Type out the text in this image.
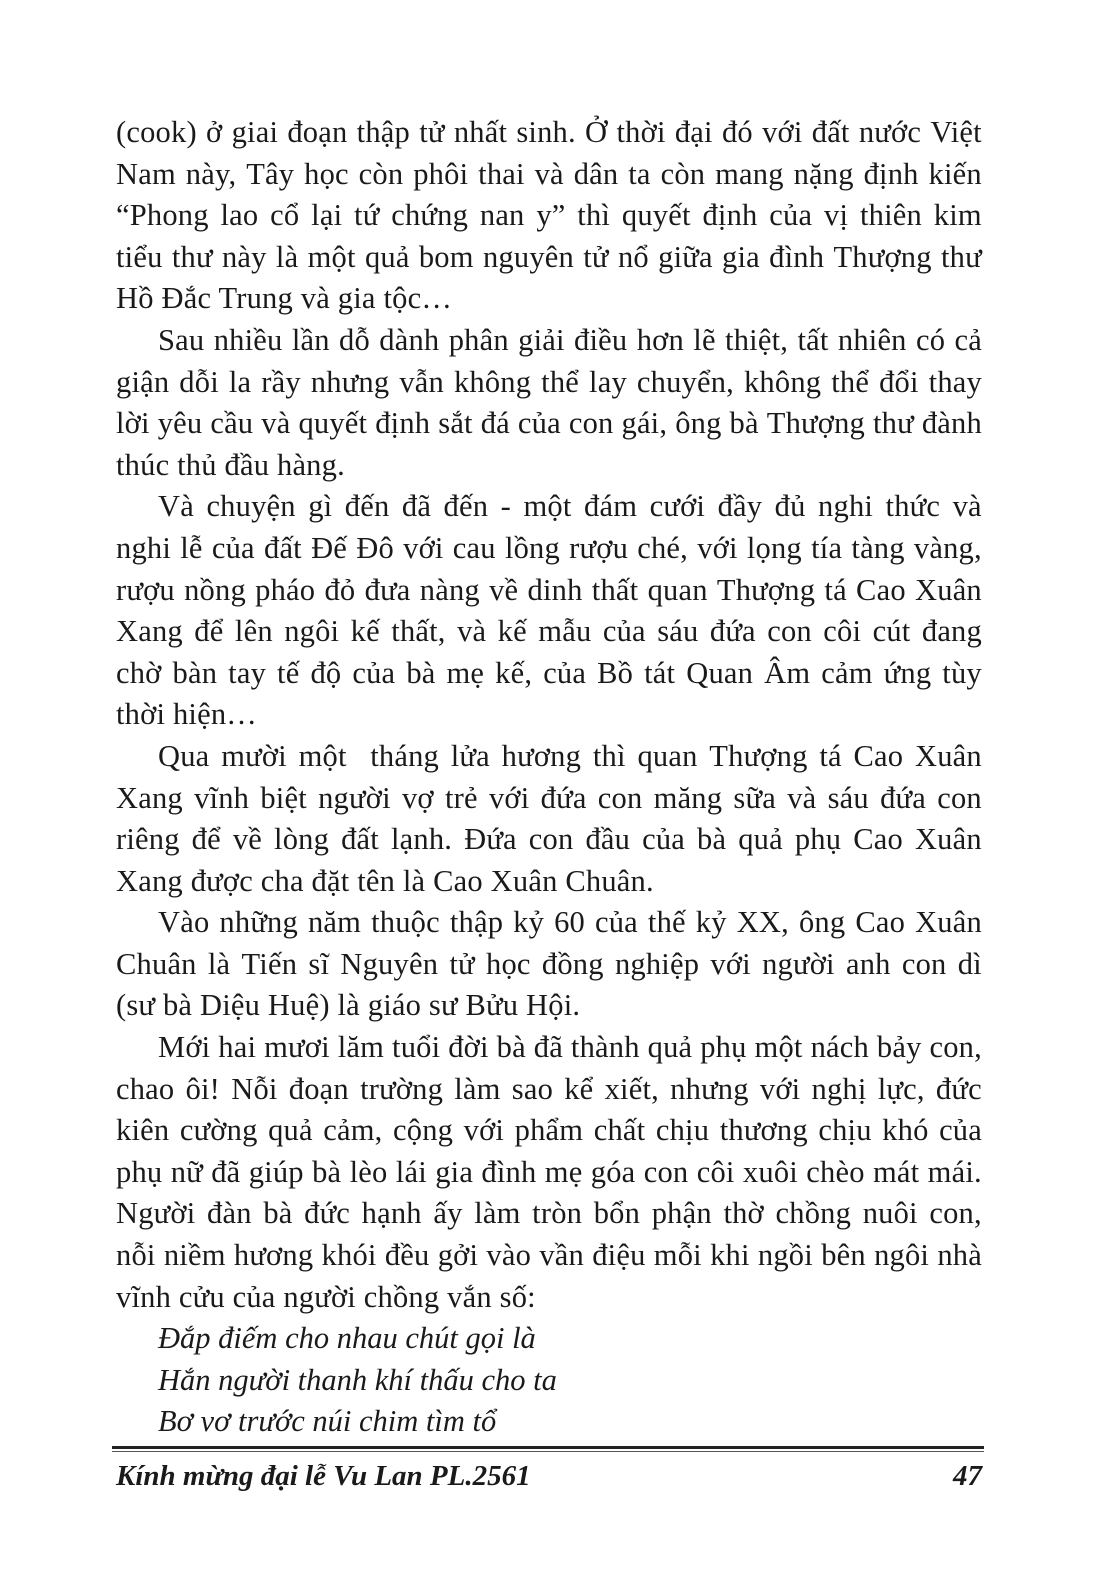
(cook) ở giai đoạn thập tử nhất sinh. Ở thời đại đó với đất nước Việt
Nam này, Tây học còn phôi thai và dân ta còn mang nặng định kiến
“Phong lao cổ lại tứ chứng nan y” thì quyết định của vị thiên kim
tiểu thư này là một quả bom nguyên tử nổ giữa gia đình Thượng thư
Hồ Đắc Trung và gia tộc…
Sau nhiều lần dỗ dành phân giải điều hơn lẽ thiệt, tất nhiên có cả
giận dỗi la rầy nhưng vẫn không thể lay chuyển, không thể đổi thay
lời yêu cầu và quyết định sắt đá của con gái, ông bà Thượng thư đành
thúc thủ đầu hàng.
Và chuyện gì đến đã đến - một đám cưới đầy đủ nghi thức và
nghi lễ của đất Đế Đô với cau lồng rượu ché, với lọng tía tàng vàng,
rượu nồng pháo đỏ đưa nàng về dinh thất quan Thượng tá Cao Xuân
Xang để lên ngôi kế thất, và kế mẫu của sáu đứa con côi cút đang
chờ bàn tay tế độ của bà mẹ kế, của Bồ tát Quan Âm cảm ứng tùy
thời hiện…
Qua mười một tháng lửa hương thì quan Thượng tá Cao Xuân
Xang vĩnh biệt người vợ trẻ với đứa con măng sữa và sáu đứa con
riêng để về lòng đất lạnh. Đứa con đầu của bà quả phụ Cao Xuân
Xang được cha đặt tên là Cao Xuân Chuân.
Vào những năm thuộc thập kỷ 60 của thế kỷ XX, ông Cao Xuân
Chuân là Tiến sĩ Nguyên tử học đồng nghiệp với người anh con dì
(sư bà Diệu Huệ) là giáo sư Bửu Hội.
Mới hai mươi lăm tuổi đời bà đã thành quả phụ một nách bảy con,
chao ôi! Nỗi đoạn trường làm sao kể xiết, nhưng với nghị lực, đức
kiên cường quả cảm, cộng với phẩm chất chịu thương chịu khó của
phụ nữ đã giúp bà lèo lái gia đình mẹ góa con côi xuôi chèo mát mái.
Người đàn bà đức hạnh ấy làm tròn bổn phận thờ chồng nuôi con,
nỗi niềm hương khói đều gởi vào vần điệu mỗi khi ngồi bên ngôi nhà
vĩnh cửu của người chồng vắn số:
Đắp điếm cho nhau chút gọi là
Hắn người thanh khí thấu cho ta
Bơ vơ trước núi chim tìm tổ
Kính mừng đại lễ Vu Lan PL.2561	47
